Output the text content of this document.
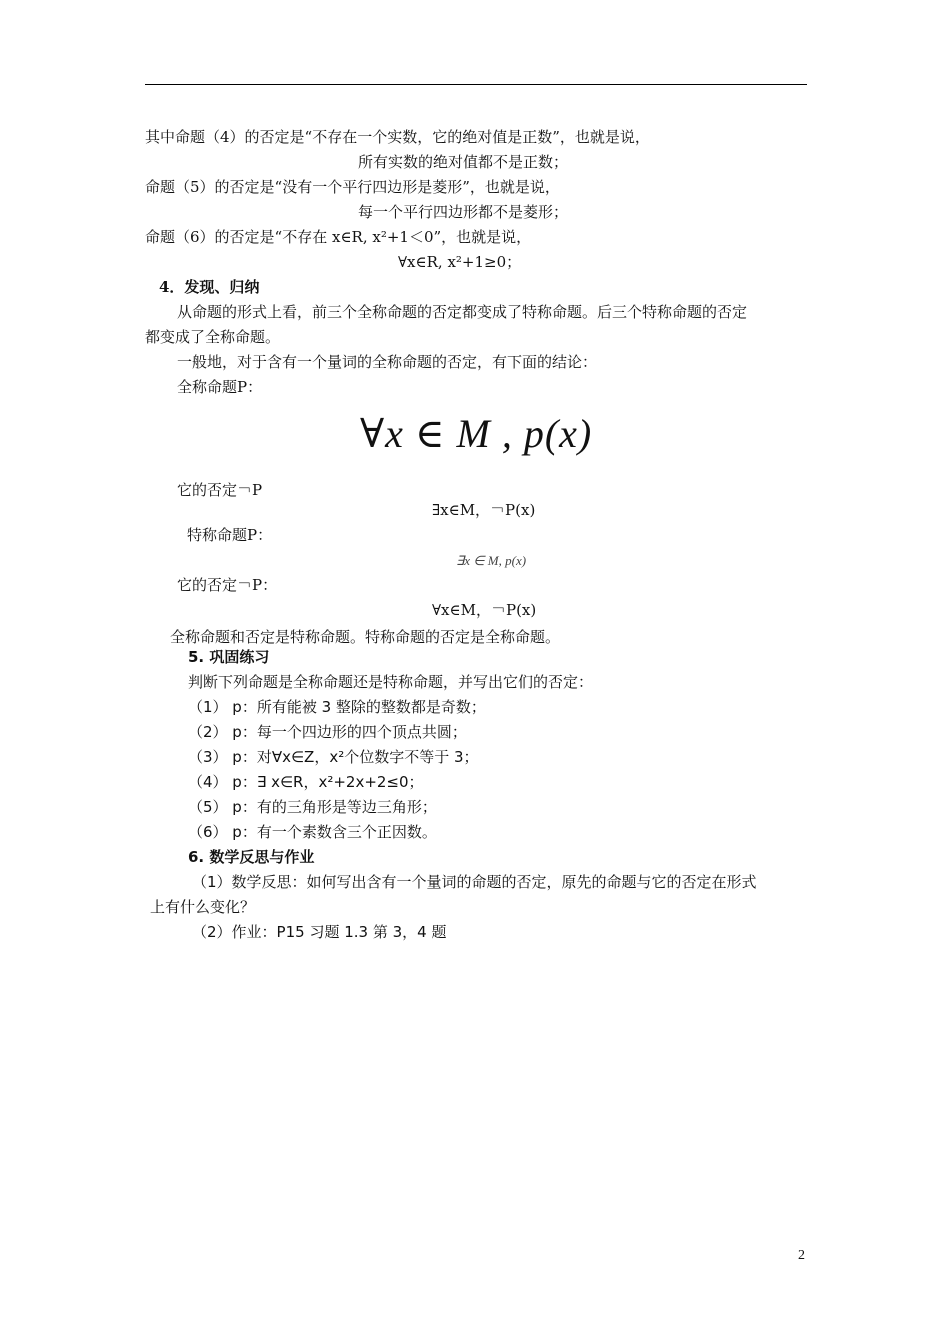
其中命题（4）的否定是“不存在一个实数，它的绝对值是正数”，也就是说，
所有实数的绝对值都不是正数；
命题（5）的否定是“没有一个平行四边形是菱形”，也就是说，
每一个平行四边形都不是菱形；
命题（6）的否定是“不存在 x∈R, x²+1＜0”，也就是说，
∀x∈R, x²+1≥0；
4．发现、归纳
从命题的形式上看，前三个全称命题的否定都变成了特称命题。后三个特称命题的否定
都变成了全称命题。
一般地，对于含有一个量词的全称命题的否定，有下面的结论：
全称命题P：
∀x ∈ M , p(x)
它的否定￢P
∃x∈M，￢P(x)
特称命题P：
∃x ∈ M, p(x)
它的否定￢P：
∀x∈M，￢P(x)
全称命题和否定是特称命题。特称命题的否定是全称命题。
5. 巩固练习
判断下列命题是全称命题还是特称命题，并写出它们的否定：
（1） p：所有能被 3 整除的整数都是奇数；
（2） p：每一个四边形的四个顶点共圆；
（3） p：对∀x∈Z，x²个位数字不等于 3；
（4） p：∃ x∈R，x²+2x+2≤0；
（5） p：有的三角形是等边三角形；
（6） p：有一个素数含三个正因数。
6. 数学反思与作业
（1）数学反思：如何写出含有一个量词的命题的否定，原先的命题与它的否定在形式
上有什么变化？
（2）作业：P15 习题 1.3 第 3，4 题
2
